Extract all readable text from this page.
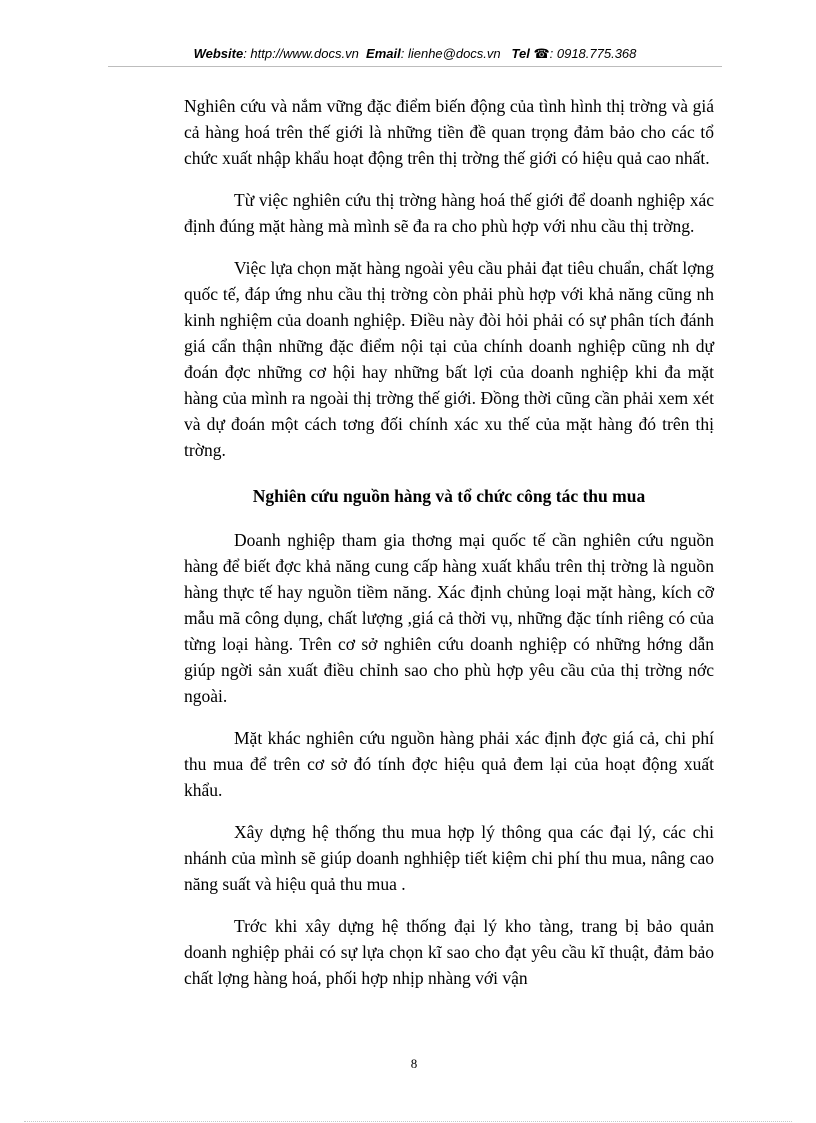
Website: http://www.docs.vn Email: lienhe@docs.vn Tel ☎: 0918.775.368

Nghiên cứu và nắm vững đặc điểm biến động của tình hình thị trờng và giá cả hàng hoá trên thế giới là những tiền đề quan trọng đảm bảo cho các tổ chức xuất nhập khẩu hoạt động trên thị trờng thế giới có hiệu quả cao nhất.

Từ việc nghiên cứu thị trờng hàng hoá thế giới để doanh nghiệp xác định đúng mặt hàng mà mình sẽ đa ra cho phù hợp với nhu cầu thị trờng.

Việc lựa chọn mặt hàng ngoài yêu cầu phải đạt tiêu chuẩn, chất lợng quốc tế, đáp ứng nhu cầu thị trờng còn phải phù hợp với khả năng cũng nh kinh nghiệm của doanh nghiệp. Điều này đòi hỏi phải có sự phân tích đánh giá cẩn thận những đặc điểm nội tại của chính doanh nghiệp cũng nh dự đoán đợc những cơ hội hay những bất lợi của doanh nghiệp khi đa mặt hàng của mình ra ngoài thị trờng thế giới. Đồng thời cũng cần phải xem xét và dự đoán một cách tơng đối chính xác xu thế của mặt hàng đó trên thị trờng.

Nghiên cứu nguồn hàng và tổ chức công tác thu mua

Doanh nghiệp tham gia thơng mại quốc tế cần nghiên cứu nguồn hàng để biết đợc khả năng cung cấp hàng xuất khẩu trên thị trờng là nguồn hàng thực tế hay nguồn tiềm năng. Xác định chủng loại mặt hàng, kích cỡ mẫu mã công dụng, chất lượng ,giá cả thời vụ, những đặc tính riêng có của từng loại hàng. Trên cơ sở nghiên cứu doanh nghiệp có những hớng dẫn giúp ngời sản xuất điều chỉnh sao cho phù hợp yêu cầu của thị trờng nớc ngoài.

Mặt khác nghiên cứu nguồn hàng phải xác định đợc giá cả, chi phí thu mua để trên cơ sở đó tính đợc hiệu quả đem lại của hoạt động xuất khẩu.

Xây dựng hệ thống thu mua hợp lý thông qua các đại lý, các chi nhánh của mình sẽ giúp doanh nghhiệp tiết kiệm chi phí thu mua, nâng cao năng suất và hiệu quả thu mua .

Trớc khi xây dựng hệ thống đại lý kho tàng, trang bị bảo quản doanh nghiệp phải có sự lựa chọn kĩ sao cho đạt yêu cầu kĩ thuật, đảm bảo chất lợng hàng hoá, phối hợp nhịp nhàng với vận

8
